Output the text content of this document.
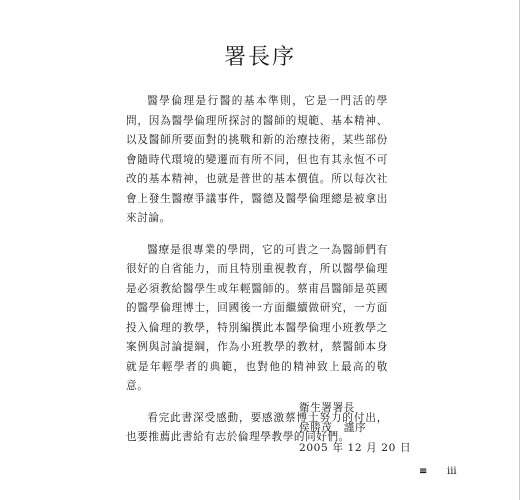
署長序

醫學倫理是行醫的基本準則，它是一門活的學問，因為醫學倫理所探討的醫師的規範、基本精神、以及醫師所要面對的挑戰和新的治療技術，某些部份會隨時代環境的變遷而有所不同，但也有其永恆不可改的基本精神，也就是普世的基本價值。所以每次社會上發生醫療爭議事件，醫德及醫學倫理總是被拿出來討論。

醫療是很專業的學問，它的可貴之一為醫師們有很好的自省能力，而且特別重視教育，所以醫學倫理是必須教給醫學生或年輕醫師的。蔡甫昌醫師是英國的醫學倫理博士，回國後一方面繼續做研究，一方面投入倫理的教學，特別編撰此本醫學倫理小班教學之案例與討論提綱，作為小班教學的教材，蔡醫師本身就是年輕學者的典範，也對他的精神致上最高的敬意。

看完此書深受感動，要感激蔡博士努力的付出，也要推薦此書給有志於倫理學教學的同好們。

衛生署署長
侯勝茂　謹序
2005 年 12 月 20 日
≡ iii
